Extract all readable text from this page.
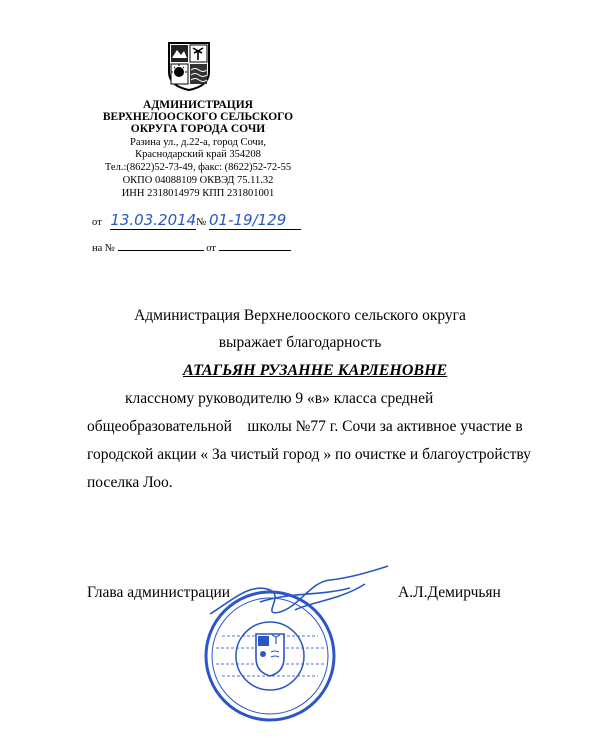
АДМИНИСТРАЦИЯ
ВЕРХНЕЛООСКОГО СЕЛЬСКОГО
ОКРУГА ГОРОДА СОЧИ
Разина ул., д.22-а, город Сочи,
Краснодарский край 354208
Тел.:(8622)52-73-49, факс: (8622)52-72-55
ОКПО 04088109 ОКВЭД 75.11.32
ИНН 2318014979 КПП 231801001
от 13.03.2014№ 01-19/129
на №	от
Администрация Верхнелооского сельского округа
выражает благодарность
АТАГЬЯН РУЗАННЕ КАРЛЕНОВНЕ
классному руководителю 9 «в» класса средней
общеобразовательной    школы №77 г. Сочи за активное участие в
городской акции « За чистый город » по очистке и благоустройству
поселка Лоо.
Глава администрации	А.Л.Демирчьян
